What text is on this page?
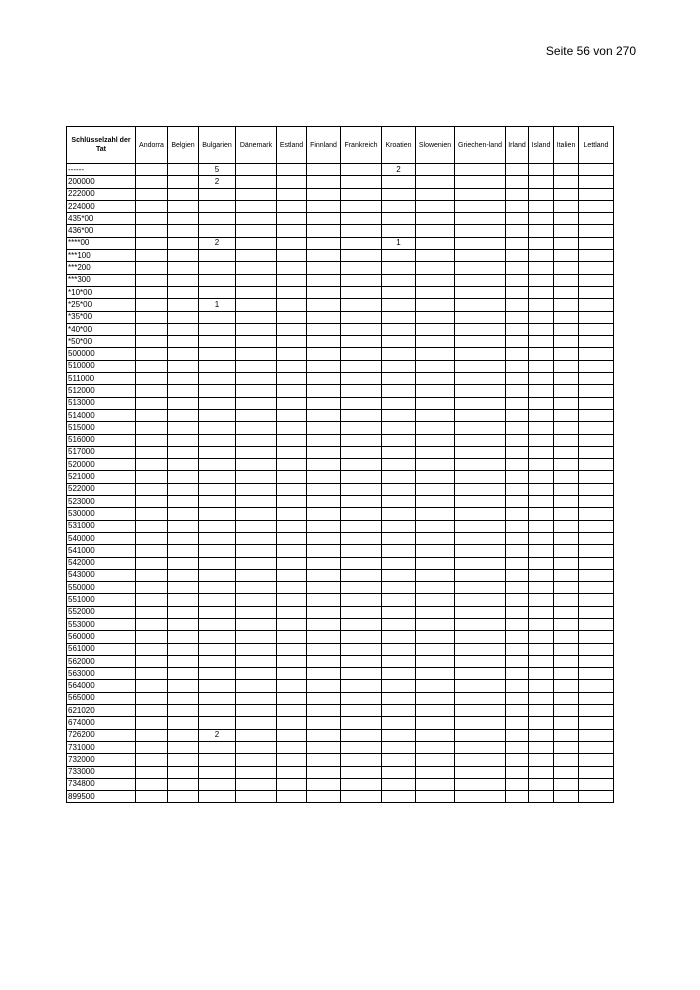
Seite 56 von 270
Schlüsselzahl der Tat	Andorra	Belgien	Bulgarien	Dänemark	Estland	Finnland	Frankreich	Kroatien	Slowenien	Griechen-land	Irland	Island	Italien	Lettland
------			5					2						
200000			2											
222000														
224000														
435*00														
436*00														
****00			2					1						
***100														
***200														
***300														
*10*00														
*25*00			1											
*35*00														
*40*00														
*50*00														
500000														
510000														
511000														
512000														
513000														
514000														
515000														
516000														
517000														
520000														
521000														
522000														
523000														
530000														
531000														
540000														
541000														
542000														
543000														
550000														
551000														
552000														
553000														
560000														
561000														
562000														
563000														
564000														
565000														
621020														
674000														
726200			2											
731000														
732000														
733000														
734800														
899500														
